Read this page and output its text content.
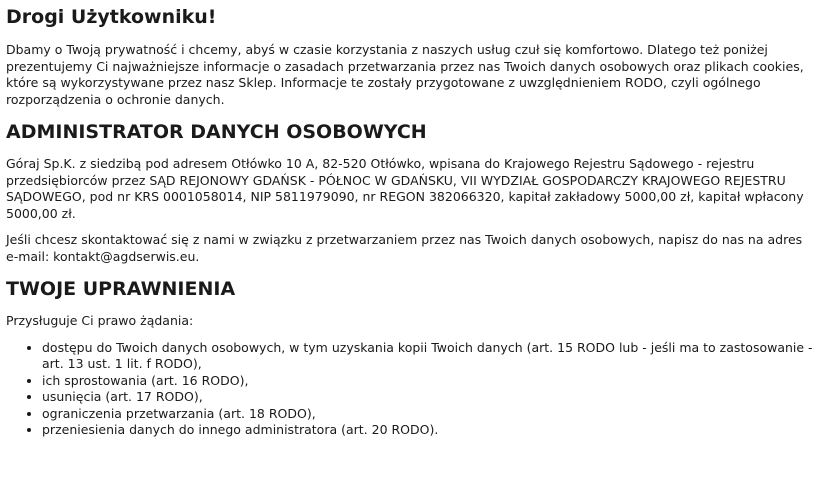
Drogi Użytkowniku!

Dbamy o Twoją prywatność i chcemy, abyś w czasie korzystania z naszych usług czuł się komfortowo. Dlatego też poniżej prezentujemy Ci najważniejsze informacje o zasadach przetwarzania przez nas Twoich danych osobowych oraz plikach cookies, które są wykorzystywane przez nasz Sklep. Informacje te zostały przygotowane z uwzględnieniem RODO, czyli ogólnego rozporządzenia o ochronie danych.

ADMINISTRATOR DANYCH OSOBOWYCH

Góraj Sp.K. z siedzibą pod adresem Otłówko 10 A, 82-520 Otłówko, wpisana do Krajowego Rejestru Sądowego - rejestru przedsiębiorców przez SĄD REJONOWY GDAŃSK - PÓŁNOC W GDAŃSKU, VII WYDZIAŁ GOSPODARCZY KRAJOWEGO REJESTRU SĄDOWEGO, pod nr KRS 0001058014, NIP 5811979090, nr REGON 382066320, kapitał zakładowy 5000,00 zł, kapitał wpłacony 5000,00 zł.

Jeśli chcesz skontaktować się z nami w związku z przetwarzaniem przez nas Twoich danych osobowych, napisz do nas na adres e-mail: kontakt@agdserwis.eu.

TWOJE UPRAWNIENIA

Przysługuje Ci prawo żądania:

• dostępu do Twoich danych osobowych, w tym uzyskania kopii Twoich danych (art. 15 RODO lub - jeśli ma to zastosowanie - art. 13 ust. 1 lit. f RODO),
• ich sprostowania (art. 16 RODO),
• usunięcia (art. 17 RODO),
• ograniczenia przetwarzania (art. 18 RODO),
• przeniesienia danych do innego administratora (art. 20 RODO).
